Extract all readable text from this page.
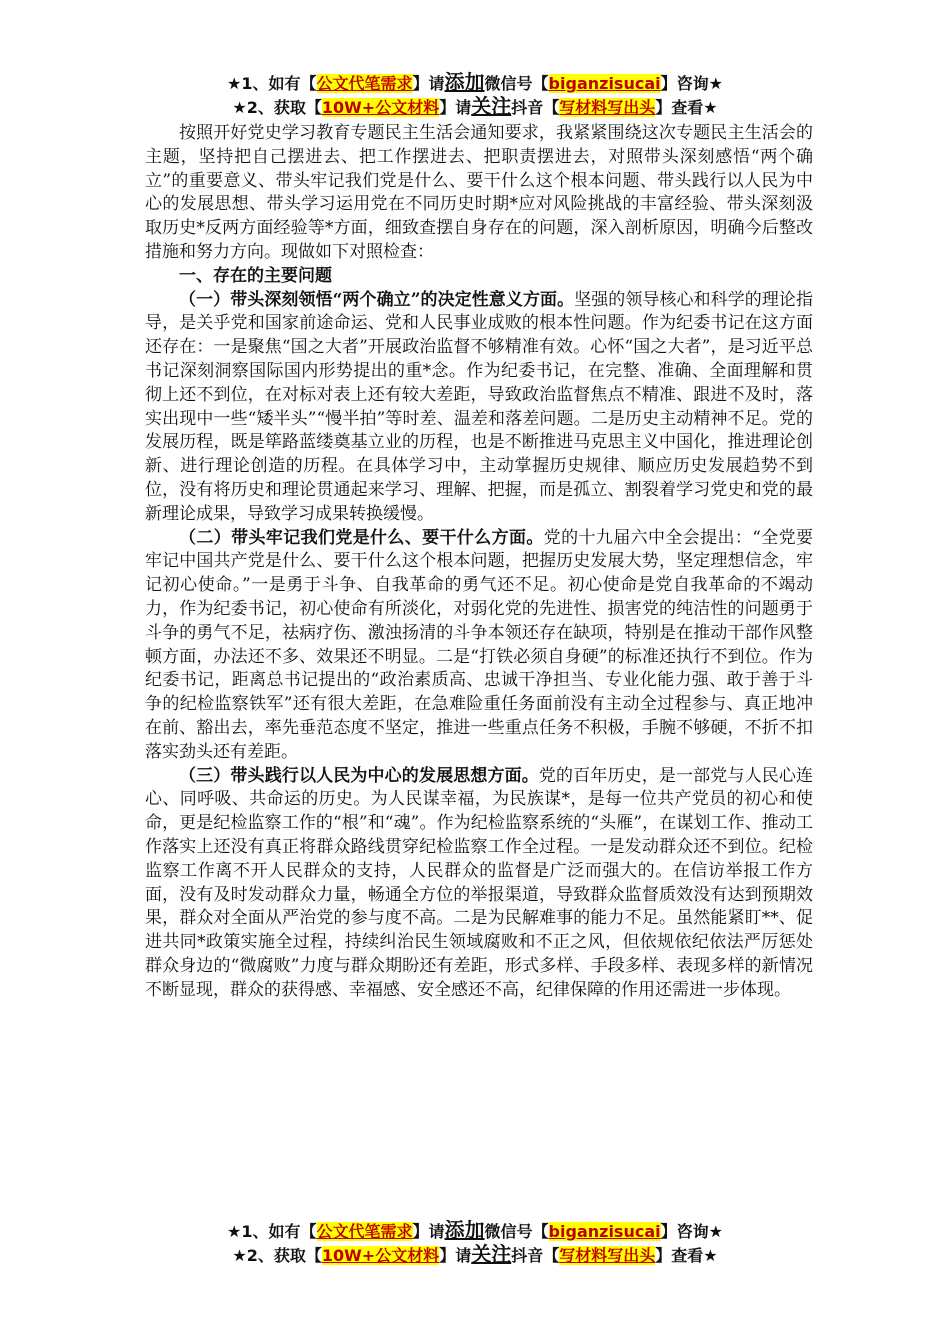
★1、如有【公文代笔需求】请添加微信号【biganzisucai】咨询★
★2、获取【10W+公文材料】请关注抖音【写材料写出头】查看★

按照开好党史学习教育专题民主生活会通知要求，我紧紧围绕这次专题民主生活会的主题，坚持把自己摆进去、把工作摆进去、把职责摆进去，对照带头深刻感悟“两个确立”的重要意义、带头牢记我们党是什么、要干什么这个根本问题、带头践行以人民为中心的发展思想、带头学习运用党在不同历史时期*应对风险挑战的丰富经验、带头深刻汲取历史*反两方面经验等*方面，细致查摆自身存在的问题，深入剖析原因，明确今后整改措施和努力方向。现做如下对照检查：

一、存在的主要问题

（一）带头深刻领悟“两个确立”的决定性意义方面。坚强的领导核心和科学的理论指导，是关乎党和国家前途命运、党和人民事业成败的根本性问题。作为纪委书记在这方面还存在：一是聚焦“国之大者”开展政治监督不够精准有效。心怀“国之大者”，是习近平总书记深刻洞察国际国内形势提出的重*念。作为纪委书记，在完整、准确、全面理解和贯彻上还不到位，在对标对表上还有较大差距，导致政治监督焦点不精准、跟进不及时，落实出现中一些“矮半头”“慢半拍”等时差、温差和落差问题。二是历史主动精神不足。党的发展历程，既是筚路蓝缕奠基立业的历程，也是不断推进马克思主义中国化，推进理论创新、进行理论创造的历程。在具体学习中，主动掌握历史规律、顺应历史发展趋势不到位，没有将历史和理论贯通起来学习、理解、把握，而是孤立、割裂着学习党史和党的最新理论成果，导致学习成果转换缓慢。

（二）带头牢记我们党是什么、要干什么方面。党的十九届六中全会提出：“全党要牢记中国共产党是什么、要干什么这个根本问题，把握历史发展大势，坚定理想信念，牢记初心使命。”一是勇于斗争、自我革命的勇气还不足。初心使命是党自我革命的不竭动力，作为纪委书记，初心使命有所淡化，对弱化党的先进性、损害党的纯洁性的问题勇于斗争的勇气不足，祛病疗伤、激浊扬清的斗争本领还存在缺项，特别是在推动干部作风整顿方面，办法还不多、效果还不明显。二是“打铁必须自身硬”的标准还执行不到位。作为纪委书记，距离总书记提出的“政治素质高、忠诚干净担当、专业化能力强、敢于善于斗争的纪检监察铁军”还有很大差距，在急难险重任务面前没有主动全过程参与、真正地冲在前、豁出去，率先垂范态度不坚定，推进一些重点任务不积极，手腕不够硬，不折不扣落实劲头还有差距。

（三）带头践行以人民为中心的发展思想方面。党的百年历史，是一部党与人民心连心、同呼吸、共命运的历史。为人民谋幸福，为民族谋*，是每一位共产党员的初心和使命，更是纪检监察工作的“根”和“魂”。作为纪检监察系统的“头雁”，在谋划工作、推动工作落实上还没有真正将群众路线贯穿纪检监察工作全过程。一是发动群众还不到位。纪检监察工作离不开人民群众的支持，人民群众的监督是广泛而强大的。在信访举报工作方面，没有及时发动群众力量，畅通全方位的举报渠道，导致群众监督质效没有达到预期效果，群众对全面从严治党的参与度不高。二是为民解难事的能力不足。虽然能紧盯**、促进共同*政策实施全过程，持续纠治民生领域腐败和不正之风，但依规依纪依法严厉惩处群众身边的“微腐败”力度与群众期盼还有差距，形式多样、手段多样、表现多样的新情况不断显现，群众的获得感、幸福感、安全感还不高，纪律保障的作用还需进一步体现。

★1、如有【公文代笔需求】请添加微信号【biganzisucai】咨询★
★2、获取【10W+公文材料】请关注抖音【写材料写出头】查看★
